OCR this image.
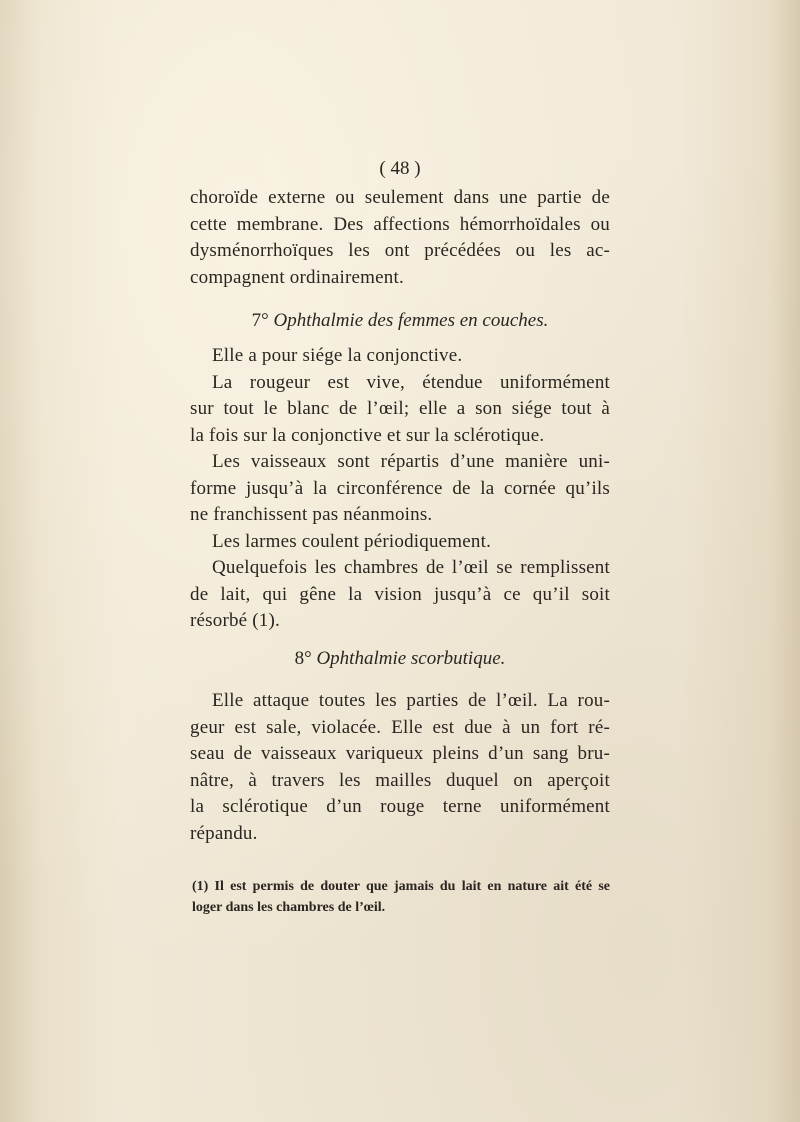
( 48 )
choroïde externe ou seulement dans une partie de
cette membrane. Des affections hémorrhoïdales ou
dysménorrhoïques les ont précédées ou les ac-
compagnent ordinairement.
7° Ophthalmie des femmes en couches.
Elle a pour siége la conjonctive.
La rougeur est vive, étendue uniformément
sur tout le blanc de l’œil; elle a son siége tout à
la fois sur la conjonctive et sur la sclérotique.
Les vaisseaux sont répartis d’une manière uni-
forme jusqu’à la circonférence de la cornée qu’ils
ne franchissent pas néanmoins.
Les larmes coulent périodiquement.
Quelquefois les chambres de l’œil se remplissent
de lait, qui gêne la vision jusqu’à ce qu’il soit
résorbé (1).
8° Ophthalmie scorbutique.
Elle attaque toutes les parties de l’œil. La rou-
geur est sale, violacée. Elle est due à un fort ré-
seau de vaisseaux variqueux pleins d’un sang bru-
nâtre, à travers les mailles duquel on aperçoit
la sclérotique d’un rouge terne uniformément
répandu.
(1) Il est permis de douter que jamais du lait en nature ait été se
loger dans les chambres de l’œil.
